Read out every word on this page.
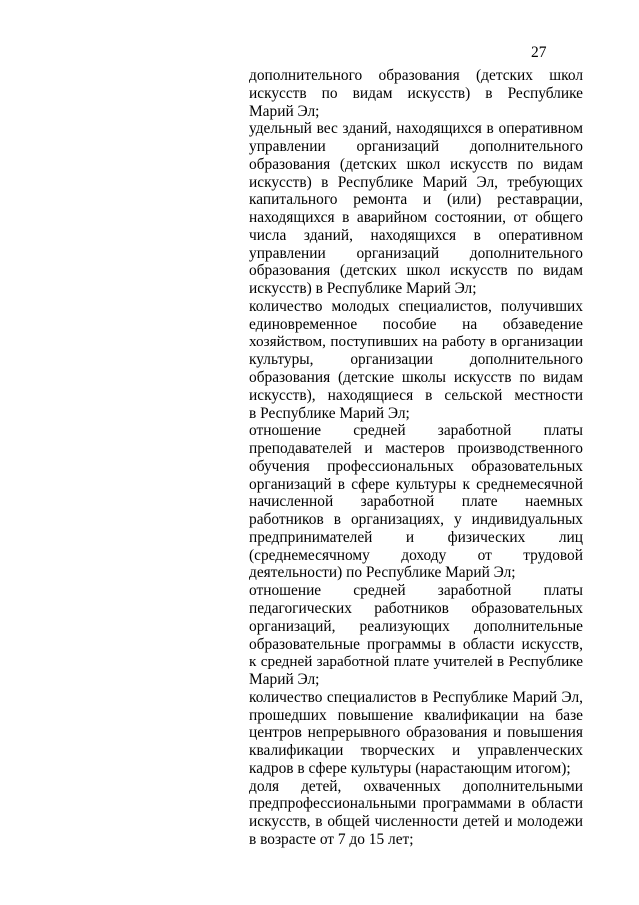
27
дополнительного образования (детских школ
искусств по видам искусств) в Республике
Марий Эл;
удельный вес зданий, находящихся в оперативном
управлении организаций дополнительного
образования (детских школ искусств по видам
искусств) в Республике Марий Эл, требующих
капитального ремонта и (или) реставрации,
находящихся в аварийном состоянии, от общего
числа зданий, находящихся в оперативном
управлении организаций дополнительного
образования (детских школ искусств по видам
искусств) в Республике Марий Эл;
количество молодых специалистов, получивших
единовременное пособие на обзаведение
хозяйством, поступивших на работу в организации
культуры, организации дополнительного
образования (детские школы искусств по видам
искусств), находящиеся в сельской местности
в Республике Марий Эл;
отношение средней заработной платы
преподавателей и мастеров производственного
обучения профессиональных образовательных
организаций в сфере культуры к среднемесячной
начисленной заработной плате наемных
работников в организациях, у индивидуальных
предпринимателей и физических лиц
(среднемесячному доходу от трудовой
деятельности) по Республике Марий Эл;
отношение средней заработной платы
педагогических работников образовательных
организаций, реализующих дополнительные
образовательные программы в области искусств,
к средней заработной плате учителей в Республике
Марий Эл;
количество специалистов в Республике Марий Эл,
прошедших повышение квалификации на базе
центров непрерывного образования и повышения
квалификации творческих и управленческих
кадров в сфере культуры (нарастающим итогом);
доля детей, охваченных дополнительными
предпрофессиональными программами в области
искусств, в общей численности детей и молодежи
в возрасте от 7 до 15 лет;
